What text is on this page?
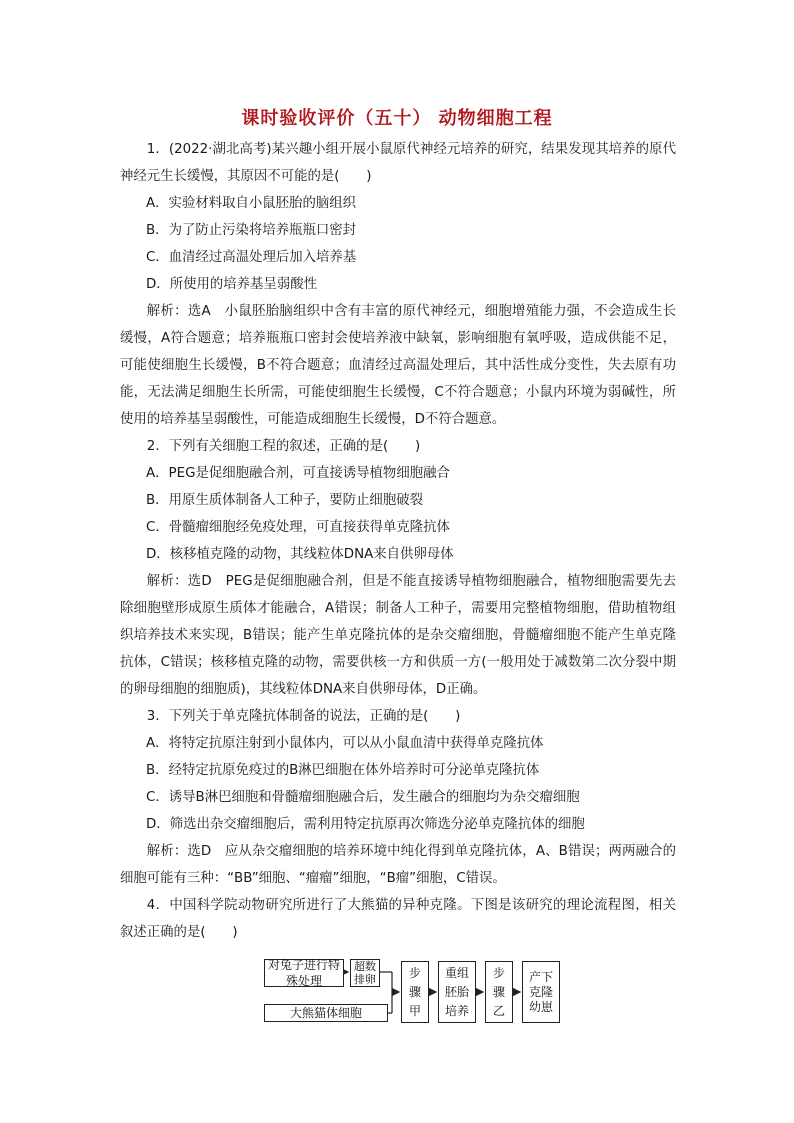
课时验收评价（五十） 动物细胞工程

1．(2022·湖北高考)某兴趣小组开展小鼠原代神经元培养的研究，结果发现其培养的原代神经元生长缓慢，其原因不可能的是(　　)

A．实验材料取自小鼠胚胎的脑组织

B．为了防止污染将培养瓶瓶口密封

C．血清经过高温处理后加入培养基

D．所使用的培养基呈弱酸性

解析：选A　小鼠胚胎脑组织中含有丰富的原代神经元，细胞增殖能力强，不会造成生长缓慢，A符合题意；培养瓶瓶口密封会使培养液中缺氧，影响细胞有氧呼吸，造成供能不足，可能使细胞生长缓慢，B不符合题意；血清经过高温处理后，其中活性成分变性，失去原有功能，无法满足细胞生长所需，可能使细胞生长缓慢，C不符合题意；小鼠内环境为弱碱性，所使用的培养基呈弱酸性，可能造成细胞生长缓慢，D不符合题意。

2．下列有关细胞工程的叙述，正确的是(　　)

A．PEG是促细胞融合剂，可直接诱导植物细胞融合

B．用原生质体制备人工种子，要防止细胞破裂

C．骨髓瘤细胞经免疫处理，可直接获得单克隆抗体

D．核移植克隆的动物，其线粒体DNA来自供卵母体

解析：选D　PEG是促细胞融合剂，但是不能直接诱导植物细胞融合，植物细胞需要先去除细胞壁形成原生质体才能融合，A错误；制备人工种子，需要用完整植物细胞，借助植物组织培养技术来实现，B错误；能产生单克隆抗体的是杂交瘤细胞，骨髓瘤细胞不能产生单克隆抗体，C错误；核移植克隆的动物，需要供核一方和供质一方(一般用处于减数第二次分裂中期的卵母细胞的细胞质)，其线粒体DNA来自供卵母体，D正确。

3．下列关于单克隆抗体制备的说法，正确的是(　　)

A．将特定抗原注射到小鼠体内，可以从小鼠血清中获得单克隆抗体

B．经特定抗原免疫过的B淋巴细胞在体外培养时可分泌单克隆抗体

C．诱导B淋巴细胞和骨髓瘤细胞融合后，发生融合的细胞均为杂交瘤细胞

D．筛选出杂交瘤细胞后，需利用特定抗原再次筛选分泌单克隆抗体的细胞

解析：选D　应从杂交瘤细胞的培养环境中纯化得到单克隆抗体，A、B错误；两两融合的细胞可能有三种：“BB”细胞、“瘤瘤”细胞，“B瘤”细胞，C错误。

4．中国科学院动物研究所进行了大熊猫的异种克隆。下图是该研究的理论流程图，相关叙述正确的是(　　)

对兔子进行特殊处理
超数排卵
大熊猫体细胞
步骤甲
重组胚胎培养
步骤乙
产下克隆幼崽
